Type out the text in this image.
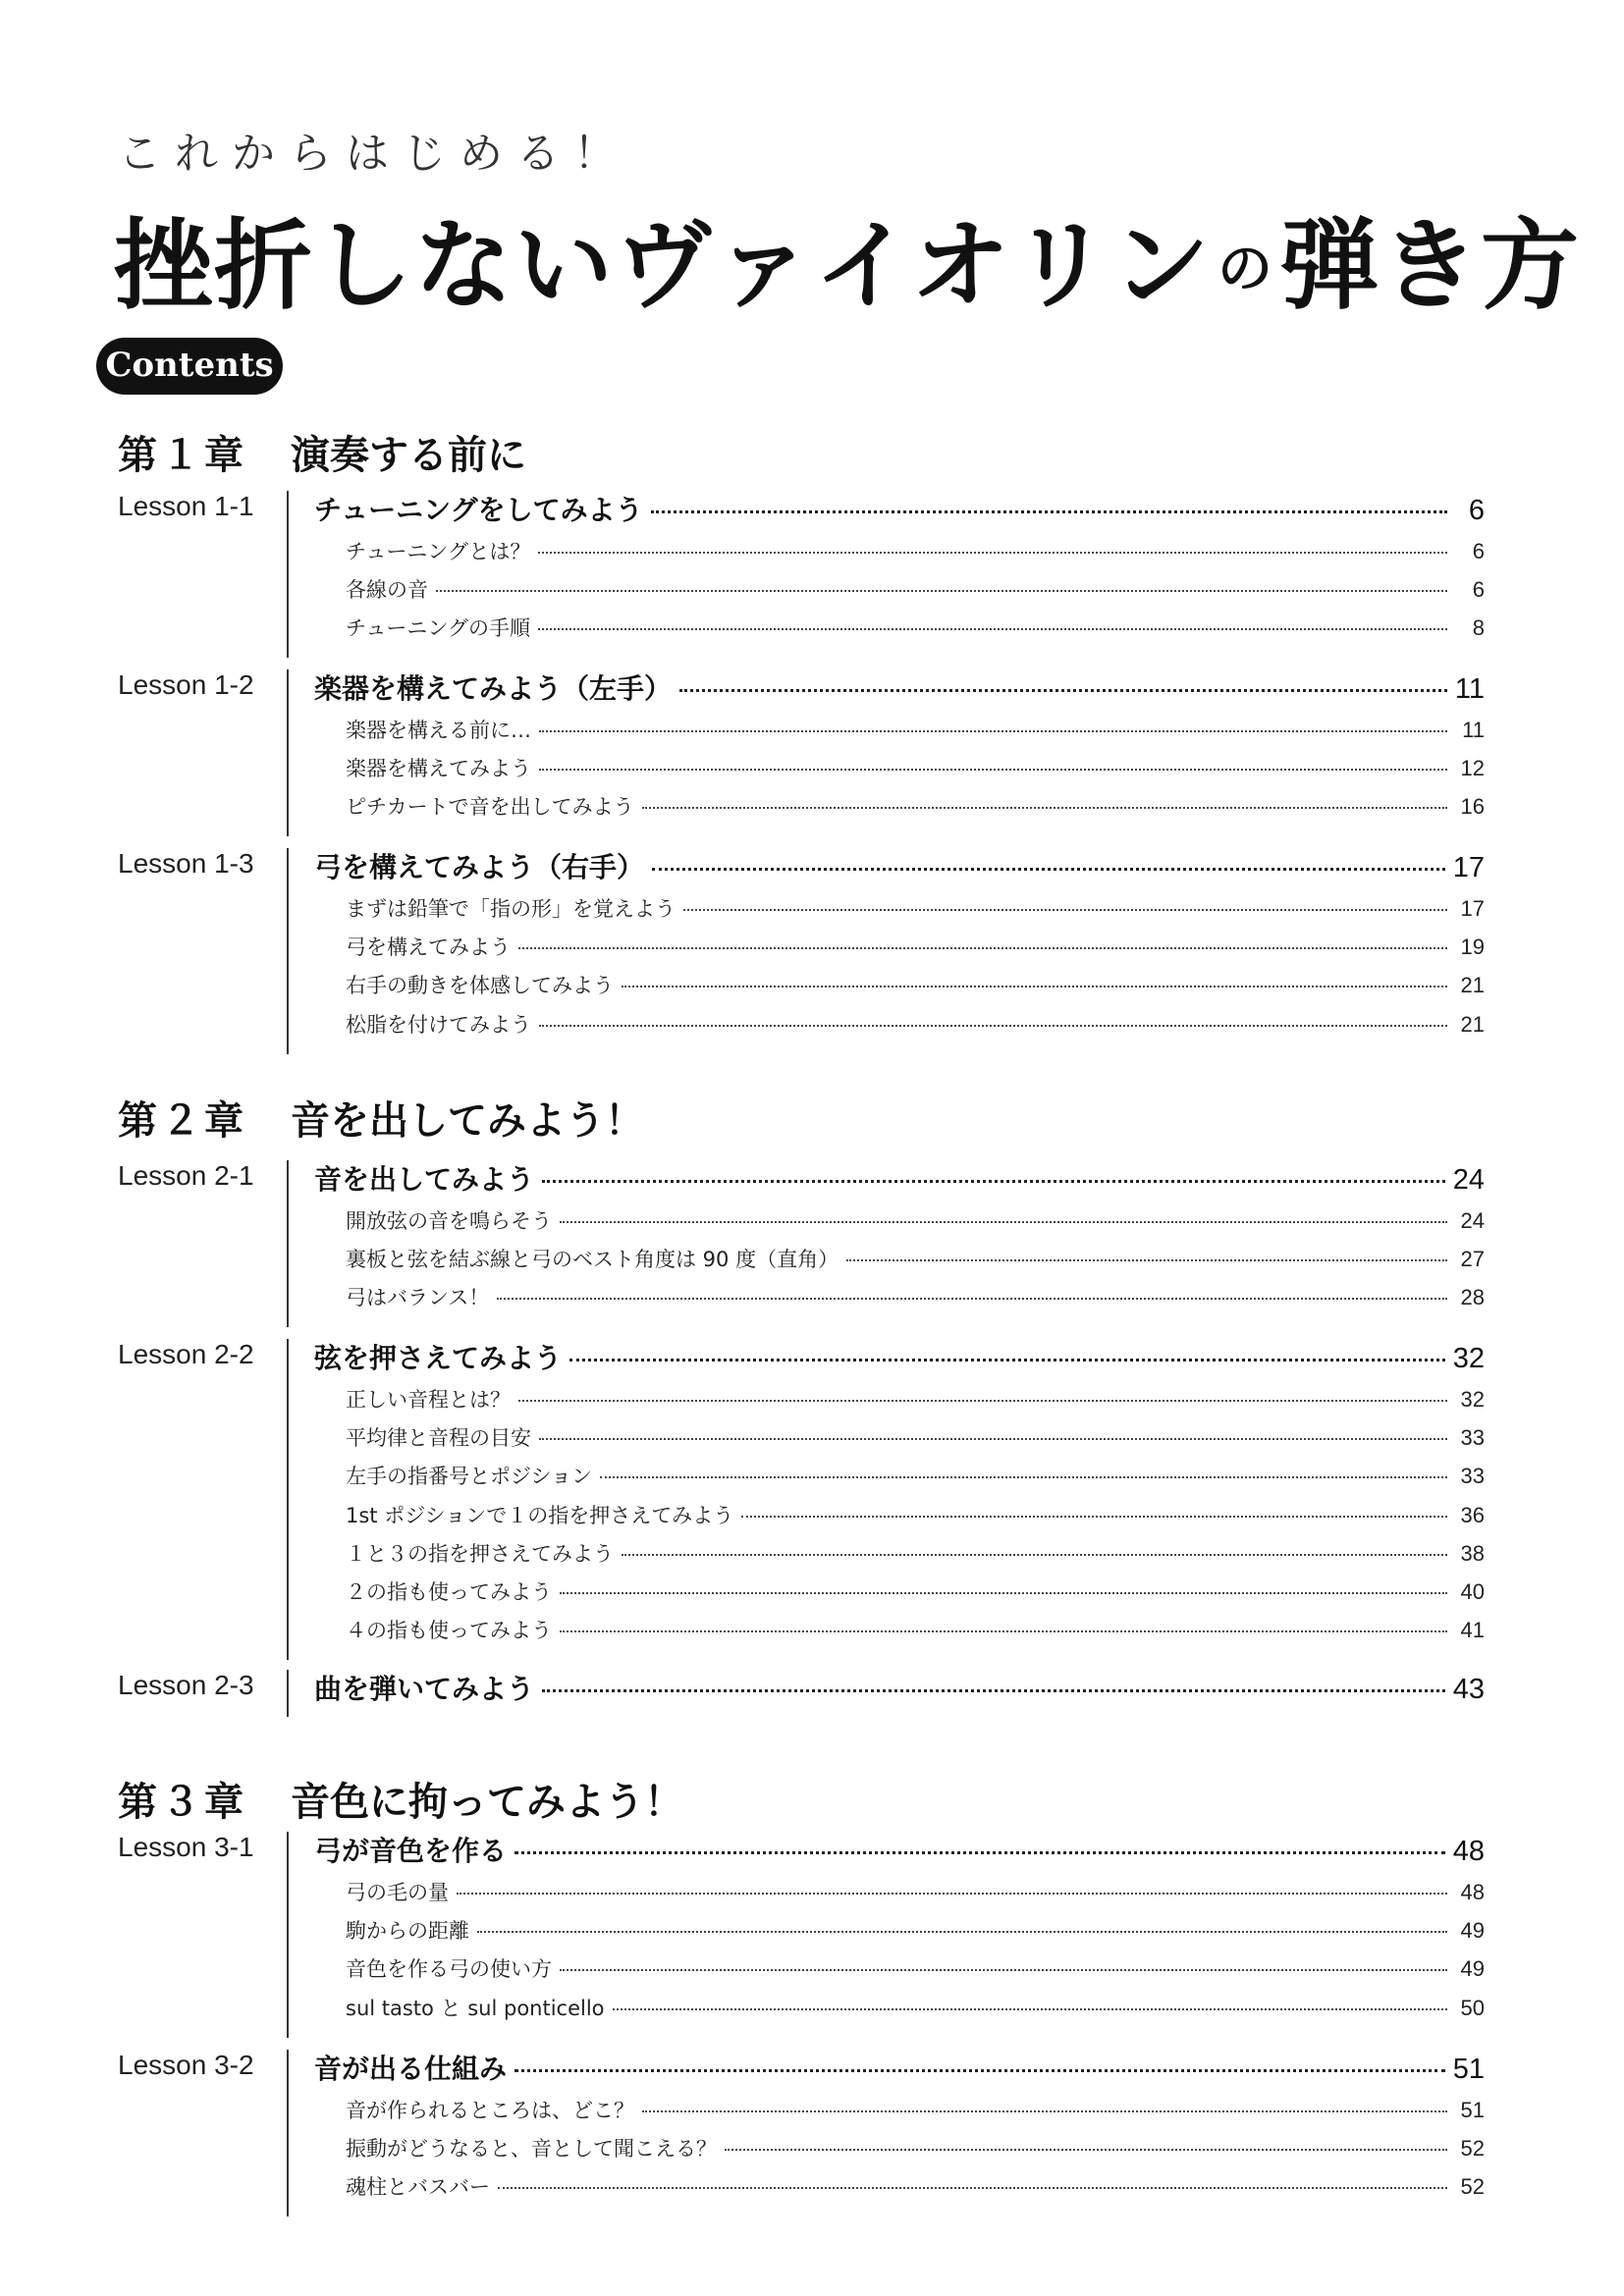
これからはじめる！
挫折しないヴァイオリン の弾き方
Contents
第１章 演奏する前に
Lesson 1-1 チューニングをしてみよう	6
チューニングとは？	6
各線の音	6
チューニングの手順	8
Lesson 1-2 楽器を構えてみよう（左手）	11
楽器を構える前に…	11
楽器を構えてみよう	12
ピチカートで音を出してみよう	16
Lesson 1-3 弓を構えてみよう（右手）	17
まずは鉛筆で「指の形」を覚えよう	17
弓を構えてみよう	19
右手の動きを体感してみよう	21
松脂を付けてみよう	21
第２章 音を出してみよう！
Lesson 2-1 音を出してみよう	24
開放弦の音を鳴らそう	24
裏板と弦を結ぶ線と弓のベスト角度は 90 度（直角）	27
弓はバランス！	28
Lesson 2-2 弦を押さえてみよう	32
正しい音程とは？	32
平均律と音程の目安	33
左手の指番号とポジション	33
1st ポジションで１の指を押さえてみよう	36
１と３の指を押さえてみよう	38
２の指も使ってみよう	40
４の指も使ってみよう	41
Lesson 2-3 曲を弾いてみよう	43
第３章 音色に拘ってみよう！
Lesson 3-1 弓が音色を作る	48
弓の毛の量	48
駒からの距離	49
音色を作る弓の使い方	49
sul tasto と sul ponticello	50
Lesson 3-2 音が出る仕組み	51
音が作られるところは、どこ？	51
振動がどうなると、音として聞こえる？	52
魂柱とバスバー	52
